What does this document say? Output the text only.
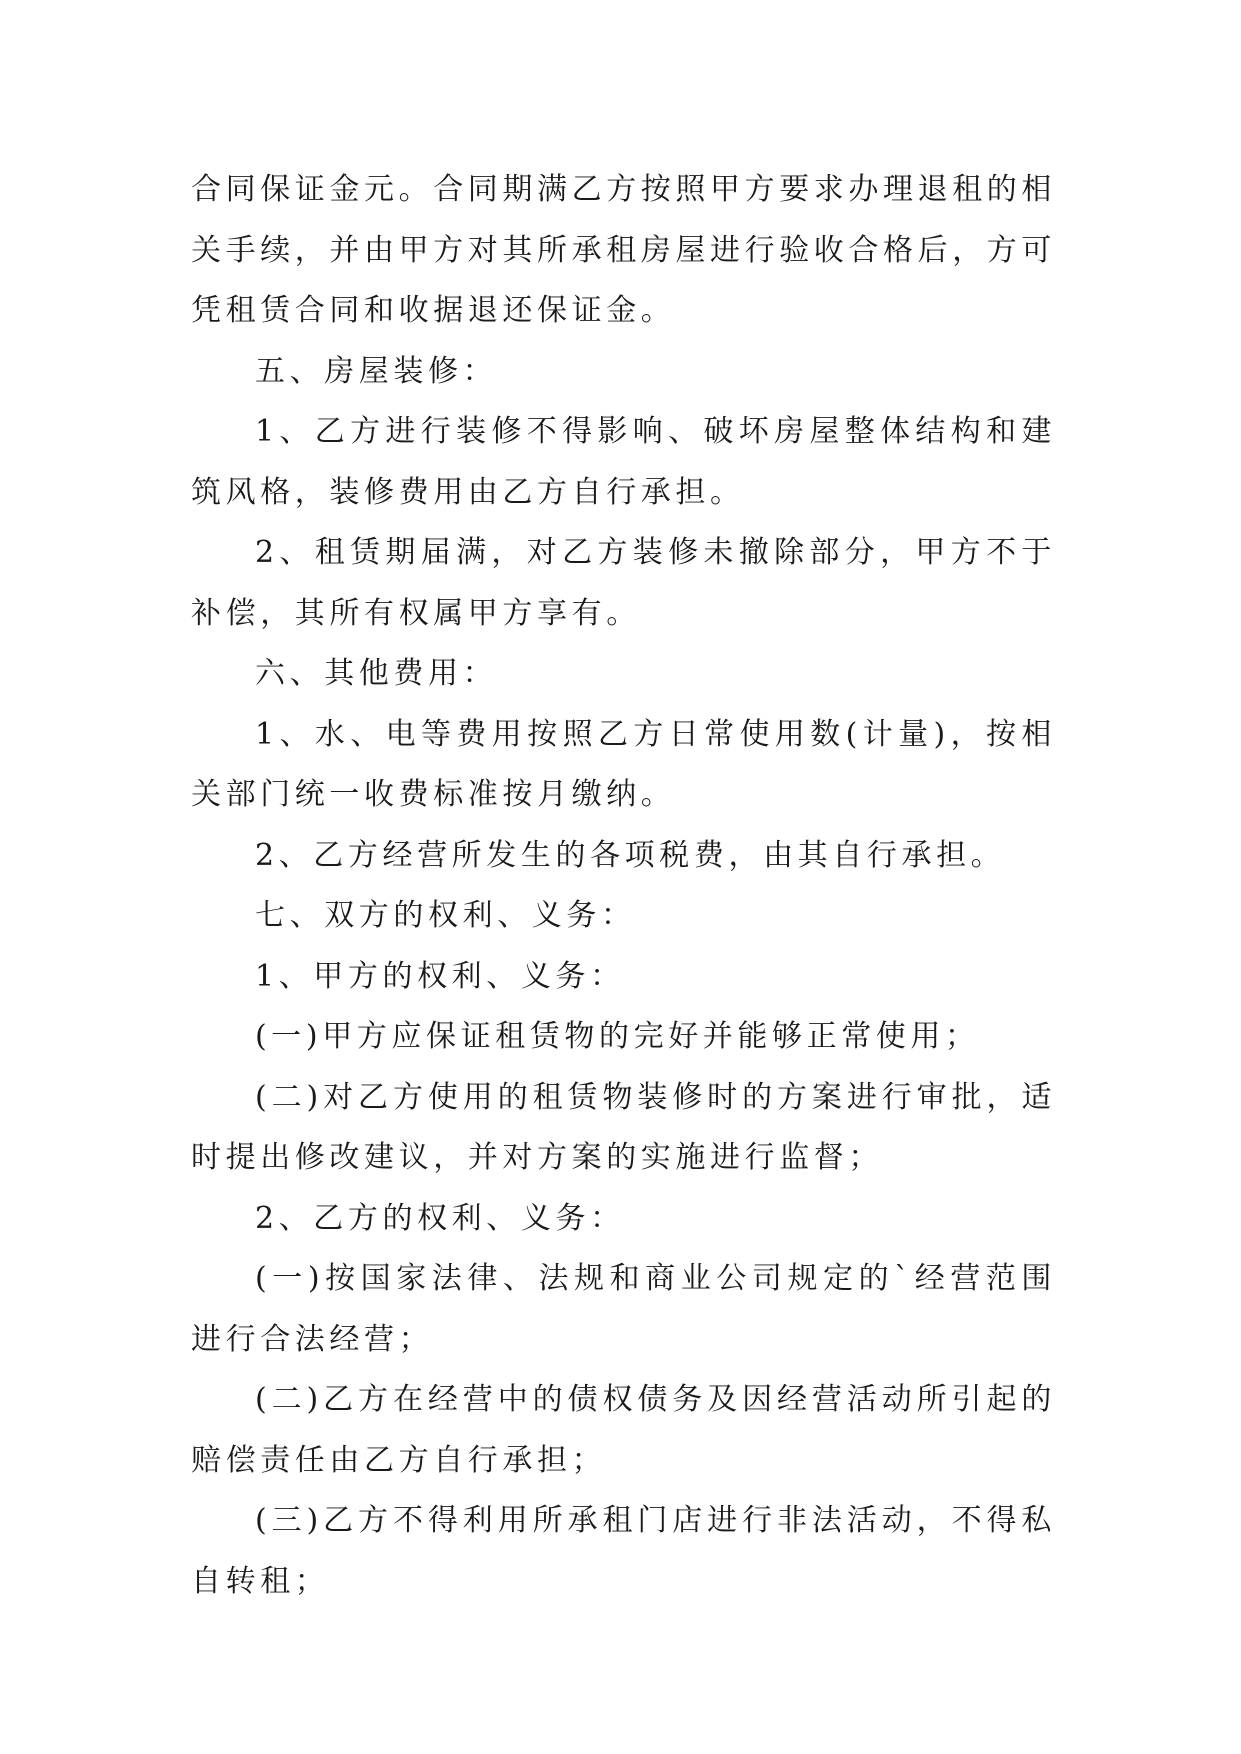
合同保证金元。合同期满乙方按照甲方要求办理退租的相关手续，并由甲方对其所承租房屋进行验收合格后，方可凭租赁合同和收据退还保证金。

五、房屋装修：

1、乙方进行装修不得影响、破坏房屋整体结构和建筑风格，装修费用由乙方自行承担。

2、租赁期届满，对乙方装修未撤除部分，甲方不于补偿，其所有权属甲方享有。

六、其他费用：

1、水、电等费用按照乙方日常使用数(计量)，按相关部门统一收费标准按月缴纳。

2、乙方经营所发生的各项税费，由其自行承担。

七、双方的权利、义务：

1、甲方的权利、义务：

(一)甲方应保证租赁物的完好并能够正常使用；

(二)对乙方使用的租赁物装修时的方案进行审批，适时提出修改建议，并对方案的实施进行监督；

2、乙方的权利、义务：

(一)按国家法律、法规和商业公司规定的`经营范围进行合法经营；

(二)乙方在经营中的债权债务及因经营活动所引起的赔偿责任由乙方自行承担；

(三)乙方不得利用所承租门店进行非法活动，不得私自转租；
